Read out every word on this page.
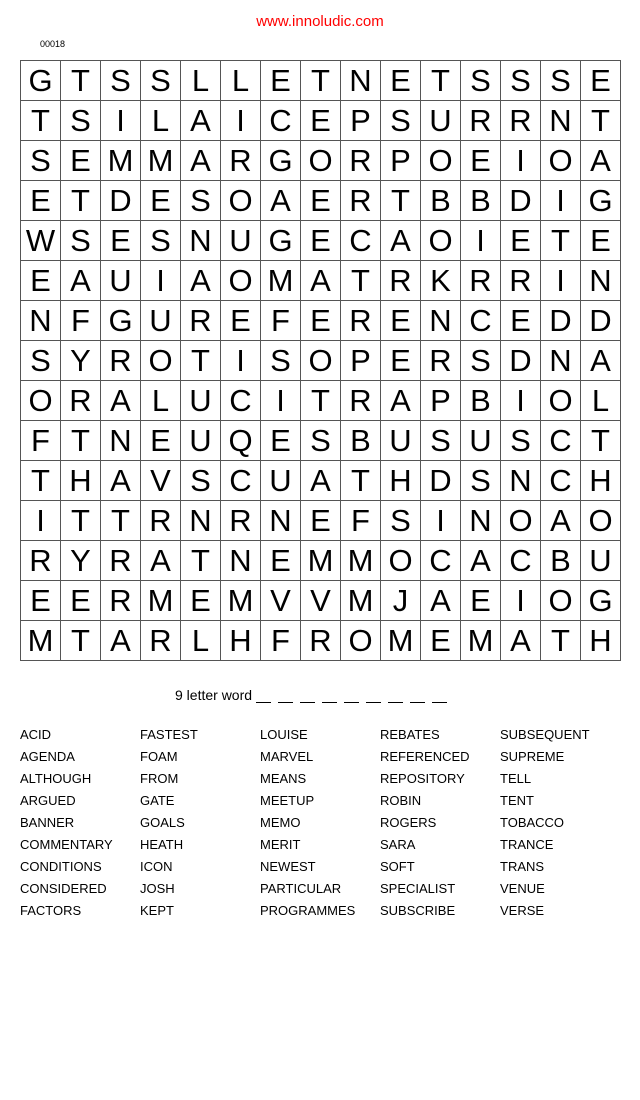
www.innoludic.com
00018
G T S S L L E T N E T S S S E
T S I L A I C E P S U R R N T
S E M M A R G O R P O E I O A
E T D E S O A E R T B B D I G
W S E S N U G E C A O I E T E
E A U I A O M A T R K R R I N
N F G U R E F E R E N C E D D
S Y R O T I S O P E R S D N A
O R A L U C I T R A P B I O L
F T N E U Q E S B U S U S C T
T H A V S C U A T H D S N C H
I T T R N R N E F S I N O A O
R Y R A T N E M M O C A C B U
E E R M E M V V M J A E I O G
M T A R L H F R O M E M A T H
9 letter word
ACID
AGENDA
ALTHOUGH
ARGUED
BANNER
COMMENTARY
CONDITIONS
CONSIDERED
FACTORS
FASTEST
FOAM
FROM
GATE
GOALS
HEATH
ICON
JOSH
KEPT
LOUISE
MARVEL
MEANS
MEETUP
MEMO
MERIT
NEWEST
PARTICULAR
PROGRAMMES
REBATES
REFERENCED
REPOSITORY
ROBIN
ROGERS
SARA
SOFT
SPECIALIST
SUBSCRIBE
SUBSEQUENT
SUPREME
TELL
TENT
TOBACCO
TRANCE
TRANS
VENUE
VERSE
